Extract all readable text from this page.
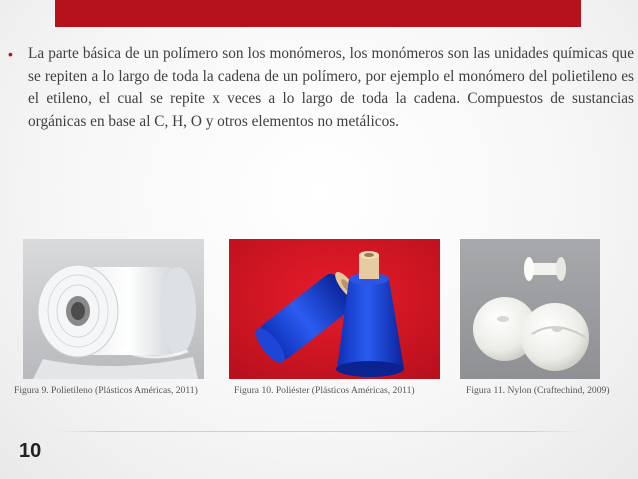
• La parte básica de un polímero son los monómeros, los monómeros son las unidades químicas que se repiten a lo largo de toda la cadena de un polímero, por ejemplo el monómero del polietileno es el etileno, el cual se repite x veces a lo largo de toda la cadena. Compuestos de sustancias orgánicas en base al C, H, O y otros elementos no metálicos.

Figura 9. Polietileno (Plásticos Américas, 2011)	Figura 10. Poliéster (Plásticos Américas, 2011)	Figura 11. Nylon (Craftechind, 2009)
10
